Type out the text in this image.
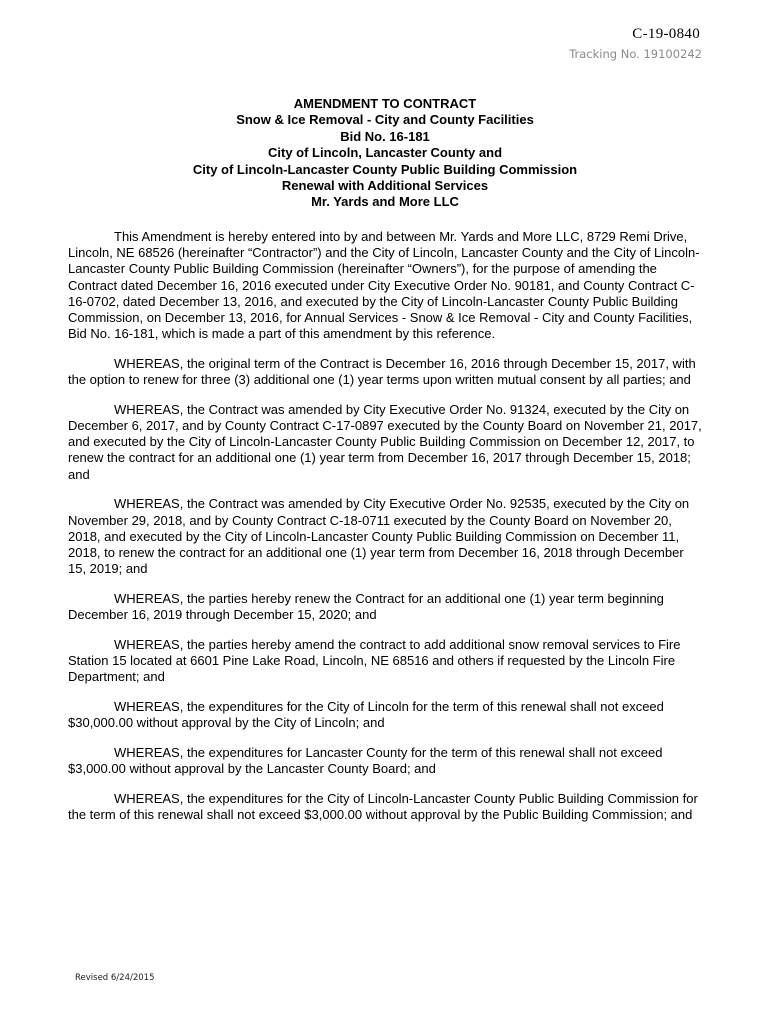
C-19-0840
Tracking No. 19100242
AMENDMENT TO CONTRACT
Snow & Ice Removal - City and County Facilities
Bid No. 16-181
City of Lincoln, Lancaster County and
City of Lincoln-Lancaster County Public Building Commission
Renewal with Additional Services
Mr. Yards and More LLC

This Amendment is hereby entered into by and between Mr. Yards and More LLC, 8729 Remi Drive, Lincoln, NE 68526 (hereinafter “Contractor”) and the City of Lincoln, Lancaster County and the City of Lincoln-Lancaster County Public Building Commission (hereinafter “Owners”), for the purpose of amending the Contract dated December 16, 2016 executed under City Executive Order No. 90181, and County Contract C-16-0702, dated December 13, 2016, and executed by the City of Lincoln-Lancaster County Public Building Commission, on December 13, 2016, for Annual Services - Snow & Ice Removal - City and County Facilities, Bid No. 16-181, which is made a part of this amendment by this reference.

WHEREAS, the original term of the Contract is December 16, 2016 through December 15, 2017, with the option to renew for three (3) additional one (1) year terms upon written mutual consent by all parties; and

WHEREAS, the Contract was amended by City Executive Order No. 91324, executed by the City on December 6, 2017, and by County Contract C-17-0897 executed by the County Board on November 21, 2017, and executed by the City of Lincoln-Lancaster County Public Building Commission on December 12, 2017, to renew the contract for an additional one (1) year term from December 16, 2017 through December 15, 2018; and

WHEREAS, the Contract was amended by City Executive Order No. 92535, executed by the City on November 29, 2018, and by County Contract C-18-0711 executed by the County Board on November 20, 2018, and executed by the City of Lincoln-Lancaster County Public Building Commission on December 11, 2018, to renew the contract for an additional one (1) year term from December 16, 2018 through December 15, 2019; and

WHEREAS, the parties hereby renew the Contract for an additional one (1) year term beginning December 16, 2019 through December 15, 2020; and

WHEREAS, the parties hereby amend the contract to add additional snow removal services to Fire Station 15 located at 6601 Pine Lake Road, Lincoln, NE 68516 and others if requested by the Lincoln Fire Department; and

WHEREAS, the expenditures for the City of Lincoln for the term of this renewal shall not exceed $30,000.00 without approval by the City of Lincoln; and

WHEREAS, the expenditures for Lancaster County for the term of this renewal shall not exceed $3,000.00 without approval by the Lancaster County Board; and

WHEREAS, the expenditures for the City of Lincoln-Lancaster County Public Building Commission for the term of this renewal shall not exceed $3,000.00 without approval by the Public Building Commission; and

Revised 6/24/2015
